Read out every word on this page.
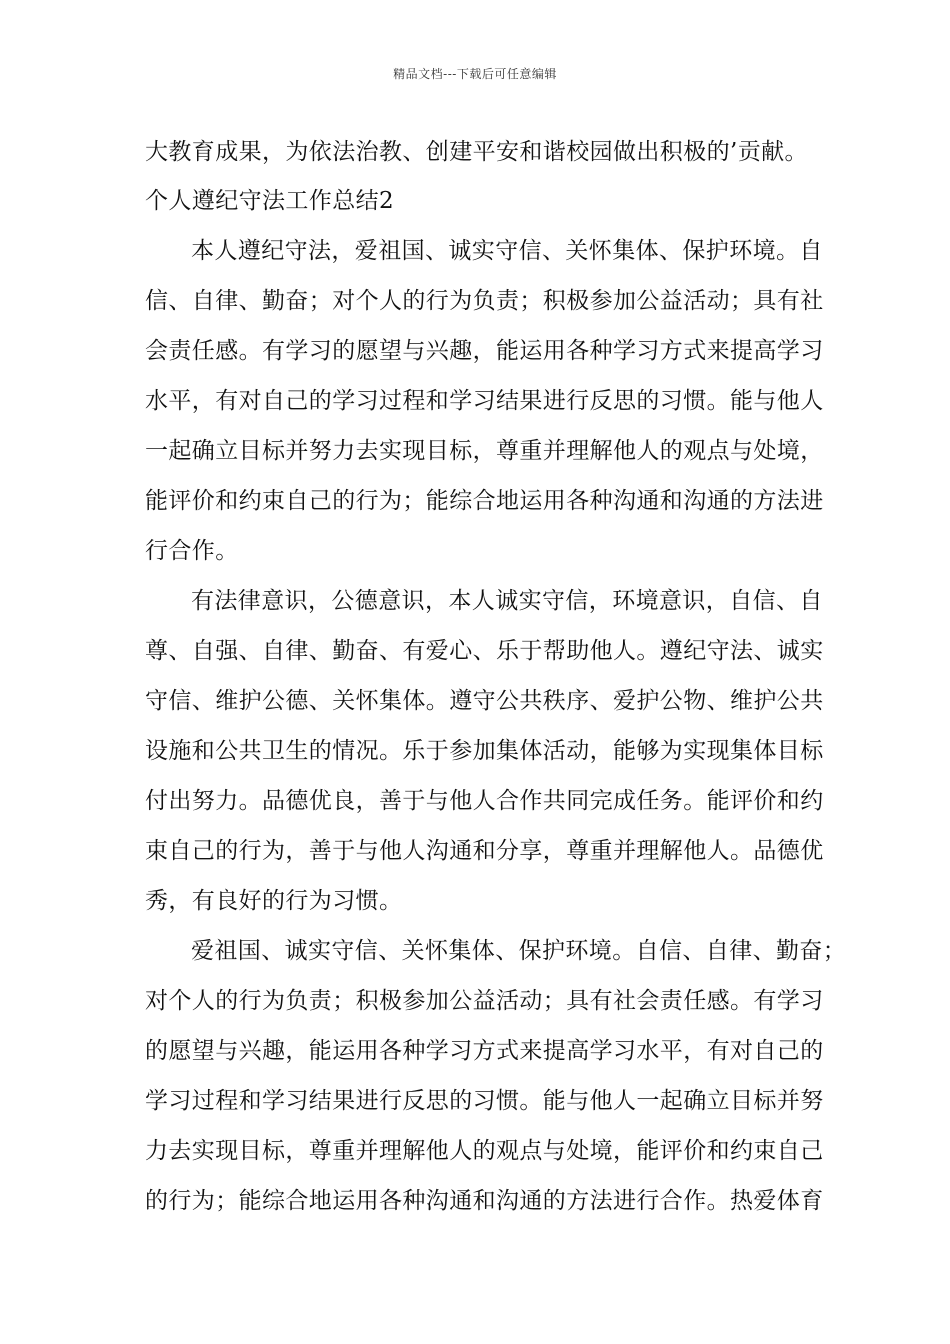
精品文档---下载后可任意编辑
大教育成果，为依法治教、创建平安和谐校园做出积极的’贡献。
个人遵纪守法工作总结2
本人遵纪守法，爱祖国、诚实守信、关怀集体、保护环境。自
信、自律、勤奋；对个人的行为负责；积极参加公益活动；具有社
会责任感。有学习的愿望与兴趣，能运用各种学习方式来提高学习
水平，有对自己的学习过程和学习结果进行反思的习惯。能与他人
一起确立目标并努力去实现目标，尊重并理解他人的观点与处境，
能评价和约束自己的行为；能综合地运用各种沟通和沟通的方法进
行合作。
有法律意识，公德意识，本人诚实守信，环境意识，自信、自
尊、自强、自律、勤奋、有爱心、乐于帮助他人。遵纪守法、诚实
守信、维护公德、关怀集体。遵守公共秩序、爱护公物、维护公共
设施和公共卫生的情况。乐于参加集体活动，能够为实现集体目标
付出努力。品德优良，善于与他人合作共同完成任务。能评价和约
束自己的行为，善于与他人沟通和分享，尊重并理解他人。品德优
秀，有良好的行为习惯。
爱祖国、诚实守信、关怀集体、保护环境。自信、自律、勤奋；
对个人的行为负责；积极参加公益活动；具有社会责任感。有学习
的愿望与兴趣，能运用各种学习方式来提高学习水平，有对自己的
学习过程和学习结果进行反思的习惯。能与他人一起确立目标并努
力去实现目标，尊重并理解他人的观点与处境，能评价和约束自己
的行为；能综合地运用各种沟通和沟通的方法进行合作。热爱体育
